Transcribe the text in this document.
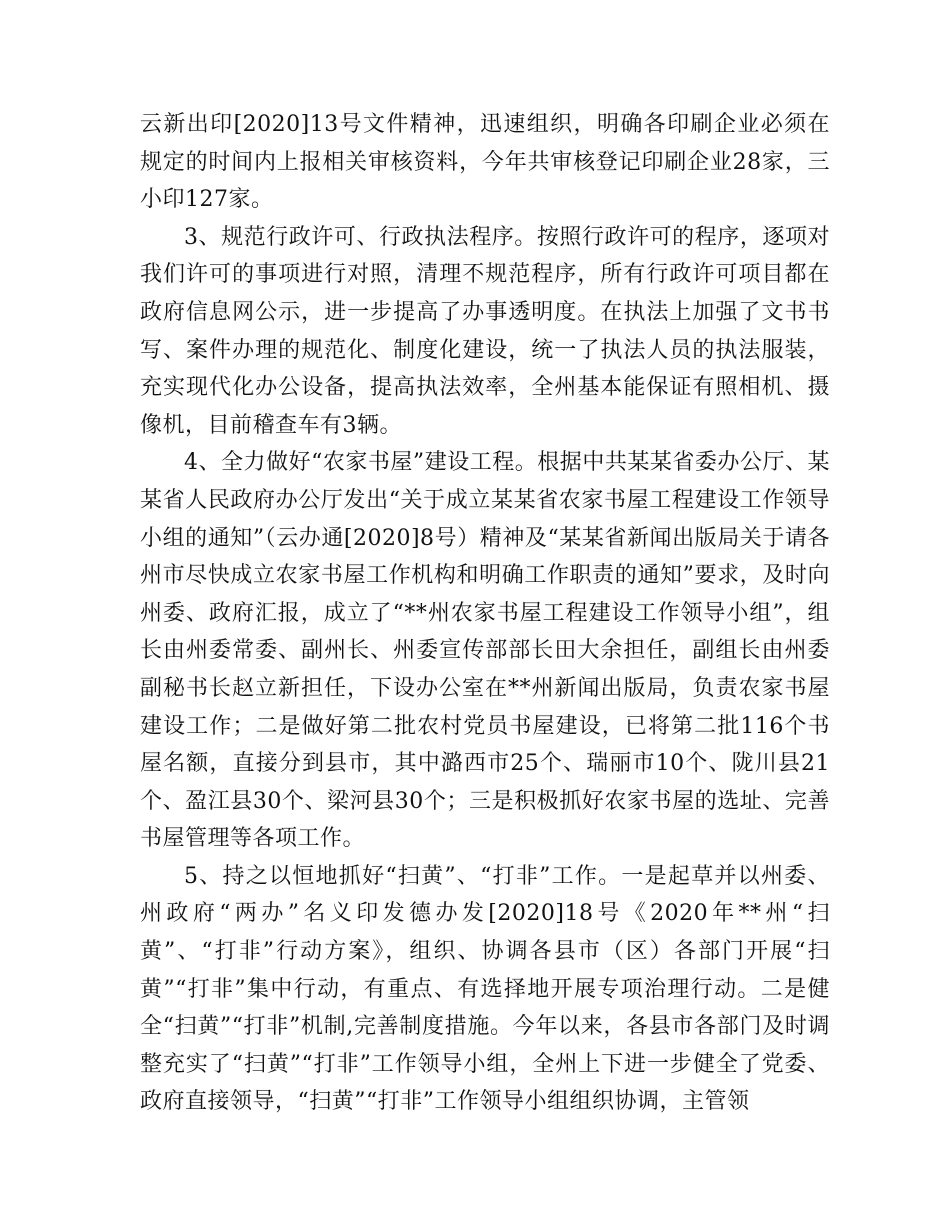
云新出印[2020]13号文件精神，迅速组织，明确各印刷企业必须在规定的时间内上报相关审核资料，今年共审核登记印刷企业28家，三小印127家。

3、规范行政许可、行政执法程序。按照行政许可的程序，逐项对我们许可的事项进行对照，清理不规范程序，所有行政许可项目都在政府信息网公示，进一步提高了办事透明度。在执法上加强了文书书写、案件办理的规范化、制度化建设，统一了执法人员的执法服装，充实现代化办公设备，提高执法效率，全州基本能保证有照相机、摄像机，目前稽查车有3辆。

4、全力做好“农家书屋”建设工程。根据中共某某省委办公厅、某某省人民政府办公厅发出“关于成立某某省农家书屋工程建设工作领导小组的通知”（云办通[2020]8号）精神及“某某省新闻出版局关于请各州市尽快成立农家书屋工作机构和明确工作职责的通知”要求，及时向州委、政府汇报，成立了“**州农家书屋工程建设工作领导小组”，组长由州委常委、副州长、州委宣传部部长田大余担任，副组长由州委副秘书长赵立新担任，下设办公室在**州新闻出版局，负责农家书屋建设工作；二是做好第二批农村党员书屋建设，已将第二批116个书屋名额，直接分到县市，其中潞西市25个、瑞丽市10个、陇川县21个、盈江县30个、梁河县30个；三是积极抓好农家书屋的选址、完善书屋管理等各项工作。

5、持之以恒地抓好“扫黄”、“打非”工作。一是起草并以州委、州政府“两办”名义印发德办发[2020]18号《2020年**州“扫黄”、“打非”行动方案》，组织、协调各县市（区）各部门开展“扫黄”“打非”集中行动，有重点、有选择地开展专项治理行动。二是健全“扫黄”“打非”机制,完善制度措施。今年以来，各县市各部门及时调整充实了“扫黄”“打非”工作领导小组，全州上下进一步健全了党委、政府直接领导，“扫黄”“打非”工作领导小组组织协调，主管领
